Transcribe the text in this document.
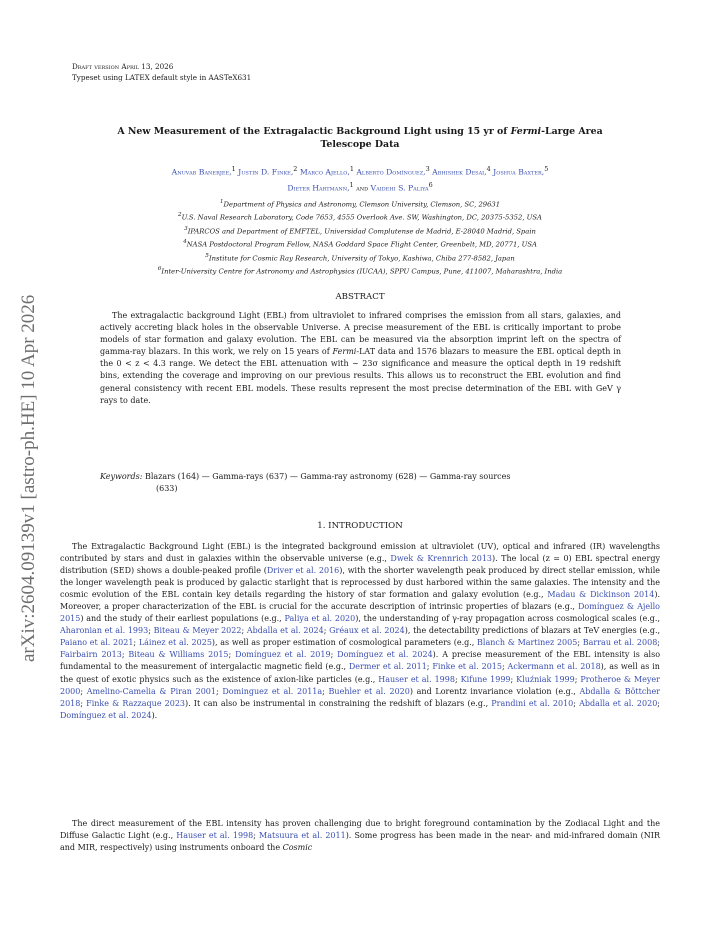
arXiv:2604.09139v1 [astro-ph.HE] 10 Apr 2026
Draft version April 13, 2026
Typeset using LATEX default style in AASTeX631
A New Measurement of the Extragalactic Background Light using 15 yr of Fermi-Large Area
Telescope Data
Anuvab Banerjee,$^1$ Justin D. Finke,$^2$ Marco Ajello,$^1$ Alberto Domínguez,$^3$ Abhishek Desai,$^4$ Joshua Baxter,$^5$
Dieter Hartmann,$^1$ and Vaidehi S. Paliya$^6$
$^1$Department of Physics and Astronomy, Clemson University, Clemson, SC, 29631
$^2$U.S. Naval Research Laboratory, Code 7653, 4555 Overlook Ave. SW, Washington, DC, 20375-5352, USA
$^3$IPARCOS and Department of EMFTEL, Universidad Complutense de Madrid, E-28040 Madrid, Spain
$^4$NASA Postdoctoral Program Fellow, NASA Goddard Space Flight Center, Greenbelt, MD, 20771, USA
$^5$Institute for Cosmic Ray Research, University of Tokyo, Kashiwa, Chiba 277-8582, Japan
$^6$Inter-University Centre for Astronomy and Astrophysics (IUCAA), SPPU Campus, Pune, 411007, Maharashtra, India
ABSTRACT

The extragalactic background Light (EBL) from ultraviolet to infrared comprises the emission from all stars, galaxies, and actively accreting black holes in the observable Universe. A precise measurement of the EBL is critically important to probe models of star formation and galaxy evolution. The EBL can be measured via the absorption imprint left on the spectra of gamma-ray blazars. In this work, we rely on 15 years of Fermi-LAT data and 1576 blazars to measure the EBL optical depth in the 0 < z < 4.3 range. We detect the EBL attenuation with ∼ 23σ significance and measure the optical depth in 19 redshift bins, extending the coverage and improving on our previous results. This allows us to reconstruct the EBL evolution and find general consistency with recent EBL models. These results represent the most precise determination of the EBL with GeV γ rays to date.

Keywords: Blazars (164) — Gamma-rays (637) — Gamma-ray astronomy (628) — Gamma-ray sources
(633)
1. INTRODUCTION

The Extragalactic Background Light (EBL) is the integrated background emission at ultraviolet (UV), optical and infrared (IR) wavelengths contributed by stars and dust in galaxies within the observable universe (e.g., Dwek & Krennrich 2013). The local (z = 0) EBL spectral energy distribution (SED) shows a double-peaked profile (Driver et al. 2016), with the shorter wavelength peak produced by direct stellar emission, while the longer wavelength peak is produced by galactic starlight that is reprocessed by dust harbored within the same galaxies. The intensity and the cosmic evolution of the EBL contain key details regarding the history of star formation and galaxy evolution (e.g., Madau & Dickinson 2014). Moreover, a proper characterization of the EBL is crucial for the accurate description of intrinsic properties of blazars (e.g., Domínguez & Ajello 2015) and the study of their earliest populations (e.g., Paliya et al. 2020), the understanding of γ-ray propagation across cosmological scales (e.g., Aharonian et al. 1993; Biteau & Meyer 2022; Abdalla et al. 2024; Gréaux et al. 2024), the detectability predictions of blazars at TeV energies (e.g., Paiano et al. 2021; Láinez et al. 2025), as well as proper estimation of cosmological parameters (e.g., Blanch & Martinez 2005; Barrau et al. 2008; Fairbairn 2013; Biteau & Williams 2015; Domínguez et al. 2019; Domínguez et al. 2024). A precise measurement of the EBL intensity is also fundamental to the measurement of intergalactic magnetic field (e.g., Dermer et al. 2011; Finke et al. 2015; Ackermann et al. 2018), as well as in the quest of exotic physics such as the existence of axion-like particles (e.g., Hauser et al. 1998; Kifune 1999; Kluźniak 1999; Protheroe & Meyer 2000; Amelino-Camelia & Piran 2001; Dominguez et al. 2011a; Buehler et al. 2020) and Lorentz invariance violation (e.g., Abdalla & Böttcher 2018; Finke & Razzaque 2023). It can also be instrumental in constraining the redshift of blazars (e.g., Prandini et al. 2010; Abdalla et al. 2020; Domínguez et al. 2024).

The direct measurement of the EBL intensity has proven challenging due to bright foreground contamination by the Zodiacal Light and the Diffuse Galactic Light (e.g., Hauser et al. 1998; Matsuura et al. 2011). Some progress has been made in the near- and mid-infrared domain (NIR and MIR, respectively) using instruments onboard the Cosmic
